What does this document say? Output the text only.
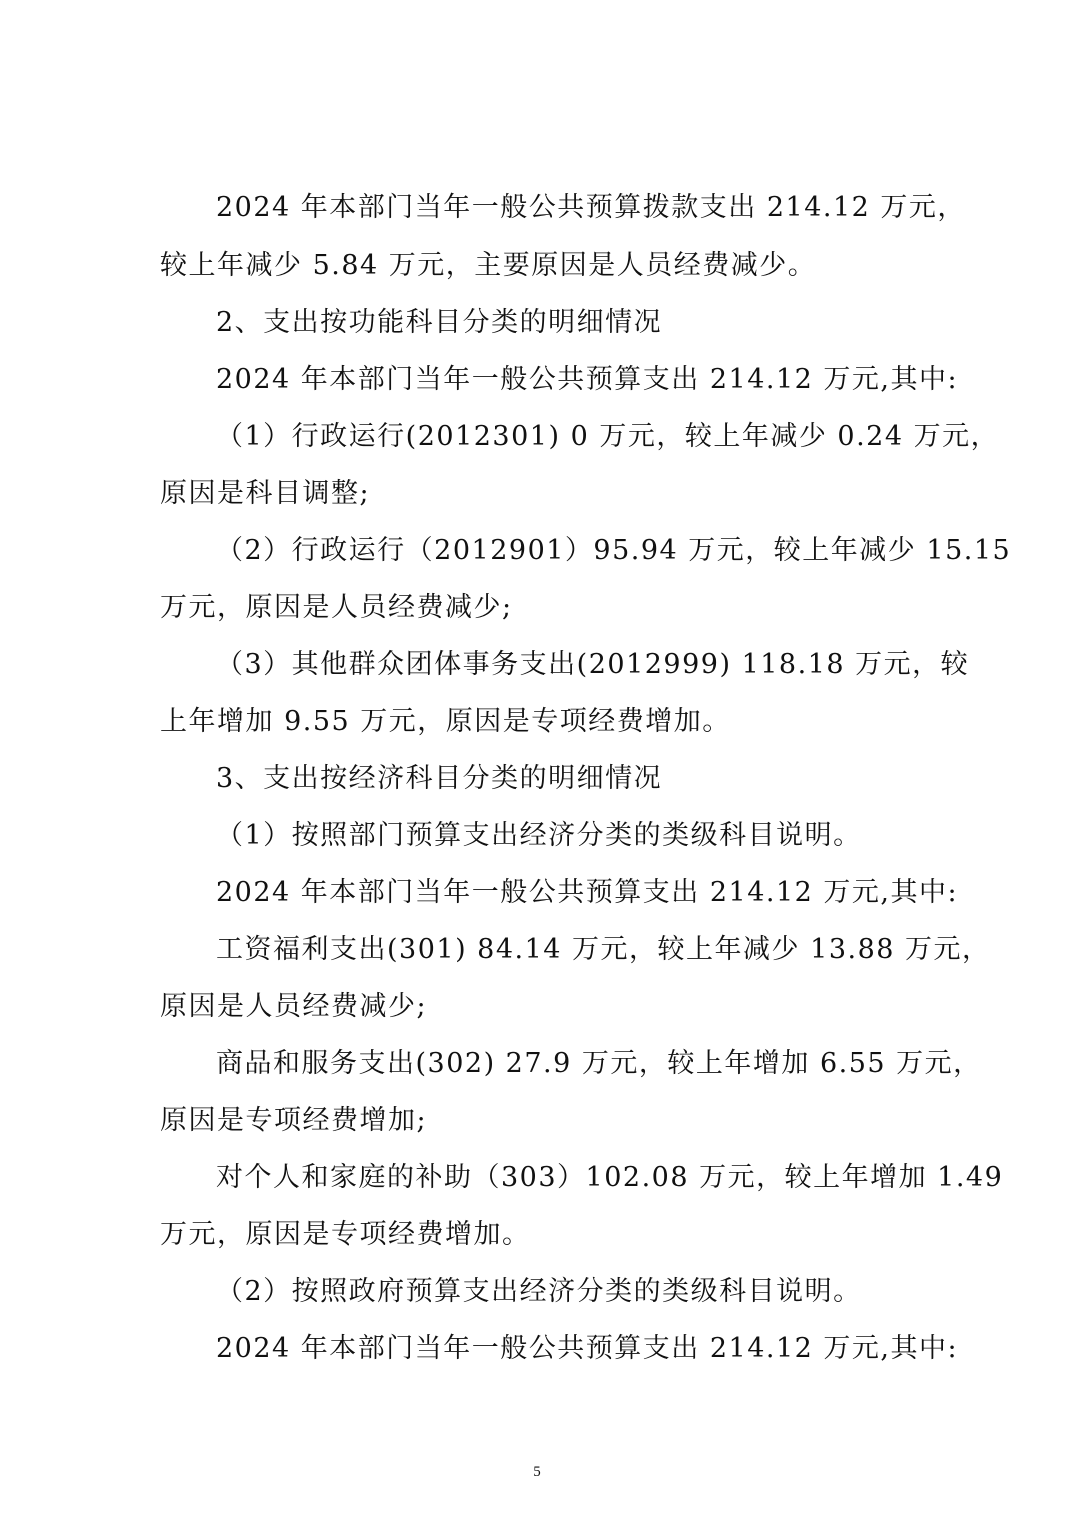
2024 年本部门当年一般公共预算拨款支出 214.12 万元，
较上年减少 5.84 万元，主要原因是人员经费减少。
2、支出按功能科目分类的明细情况
2024 年本部门当年一般公共预算支出 214.12 万元,其中:
（1）行政运行(2012301) 0 万元，较上年减少 0.24 万元，
原因是科目调整;
（2）行政运行（2012901）95.94 万元，较上年减少 15.15
万元，原因是人员经费减少;
（3）其他群众团体事务支出(2012999) 118.18 万元，较
上年增加 9.55 万元，原因是专项经费增加。
3、支出按经济科目分类的明细情况
（1）按照部门预算支出经济分类的类级科目说明。
2024 年本部门当年一般公共预算支出 214.12 万元,其中:
工资福利支出(301) 84.14 万元，较上年减少 13.88 万元，
原因是人员经费减少;
商品和服务支出(302) 27.9 万元，较上年增加 6.55 万元，
原因是专项经费增加;
对个人和家庭的补助（303）102.08 万元，较上年增加 1.49
万元，原因是专项经费增加。
（2）按照政府预算支出经济分类的类级科目说明。
2024 年本部门当年一般公共预算支出 214.12 万元,其中:
5
